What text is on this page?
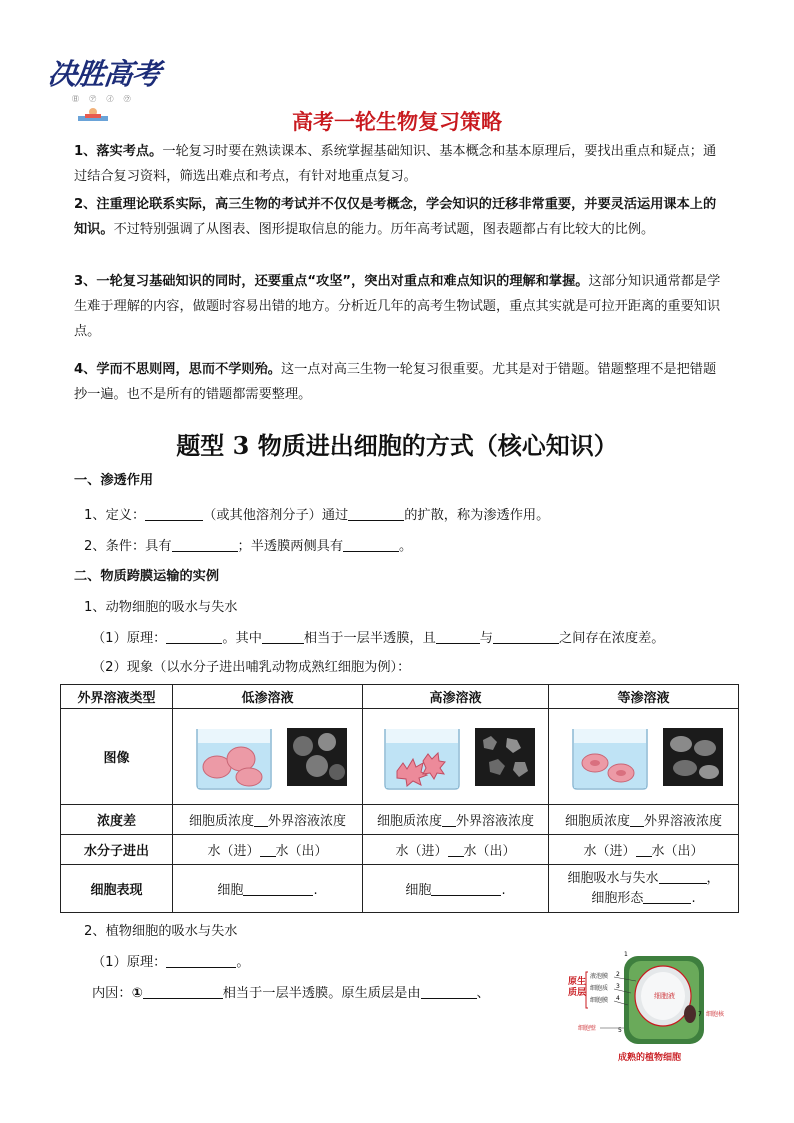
决胜高考
㊐ ㋐ ㋑ ㋒
高考一轮生物复习策略

1、落实考点。一轮复习时要在熟读课本、系统掌握基础知识、基本概念和基本原理后，要找出重点和疑点；通过结合复习资料，筛选出难点和考点，有针对地重点复习。

2、注重理论联系实际，高三生物的考试并不仅仅是考概念，学会知识的迁移非常重要，并要灵活运用课本上的知识。不过特别强调了从图表、图形提取信息的能力。历年高考试题，图表题都占有比较大的比例。

3、一轮复习基础知识的同时，还要重点“攻坚”，突出对重点和难点知识的理解和掌握。这部分知识通常都是学生难于理解的内容，做题时容易出错的地方。分析近几年的高考生物试题，重点其实就是可拉开距离的重要知识点。

4、学而不思则罔，思而不学则殆。这一点对高三生物一轮复习很重要。尤其是对于错题。错题整理不是把错题抄一遍。也不是所有的错题都需要整理。

题型 3 物质进出细胞的方式（核心知识）
一、渗透作用
1、定义：	（或其他溶剂分子）通过	的扩散，称为渗透作用。
2、条件：具有	；半透膜两侧具有	。
二、物质跨膜运输的实例
1、动物细胞的吸水与失水
（1）原理：	。其中	相当于一层半透膜，且	与	之间存在浓度差。
（2）现象（以水分子进出哺乳动物成熟红细胞为例）：
外界溶液类型	低渗溶液	高渗溶液	等渗溶液
图像	

浓度差	细胞质浓度 外界溶液浓度	细胞质浓度 外界溶液浓度	细胞质浓度 外界溶液浓度
水分子进出	水（进） 水（出）	水（进） 水（出）	水（进） 水（出）
细胞表现	细胞 .	细胞 .	细胞吸水与失水 ，
细胞形态 .
2、植物细胞的吸水与失水
（1）原理：	。
内因：①	相当于一层半透膜。原生质层是由	、
原生
质层
液泡膜
细胞质
细胞膜
细胞壁
细胞液
细胞核
1
2
3
4
5
7
成熟的植物细胞
